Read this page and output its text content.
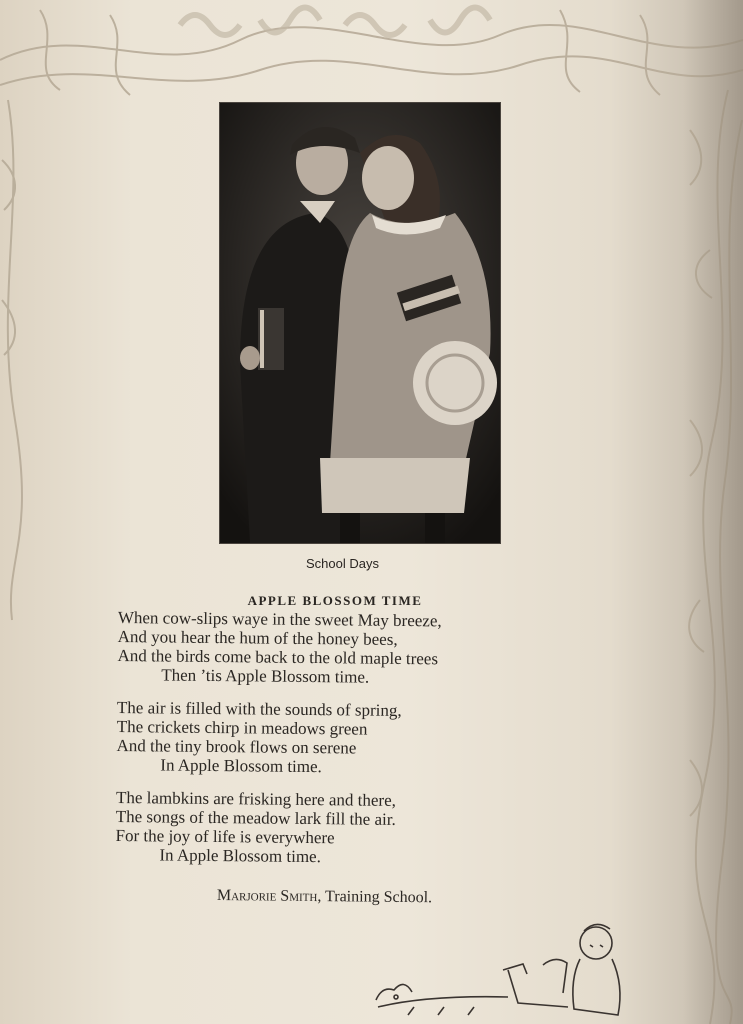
School Days
APPLE BLOSSOM TIME
When cow-slips waуe in the sweet May breeze,
And you hear the hum of the honey bees,
And the birds come back to the old maple trees
Then ’tis Apple Blossom time.
The air is filled with the sounds of spring,
The crickets chirp in meadows green
And the tiny brook flows on serene
In Apple Blossom time.
The lambkins are frisking here and there,
The songs of the meadow lark fill the air.
For the joy of life is everywhere
In Apple Blossom time.
Marjorie Smith, Training School.
